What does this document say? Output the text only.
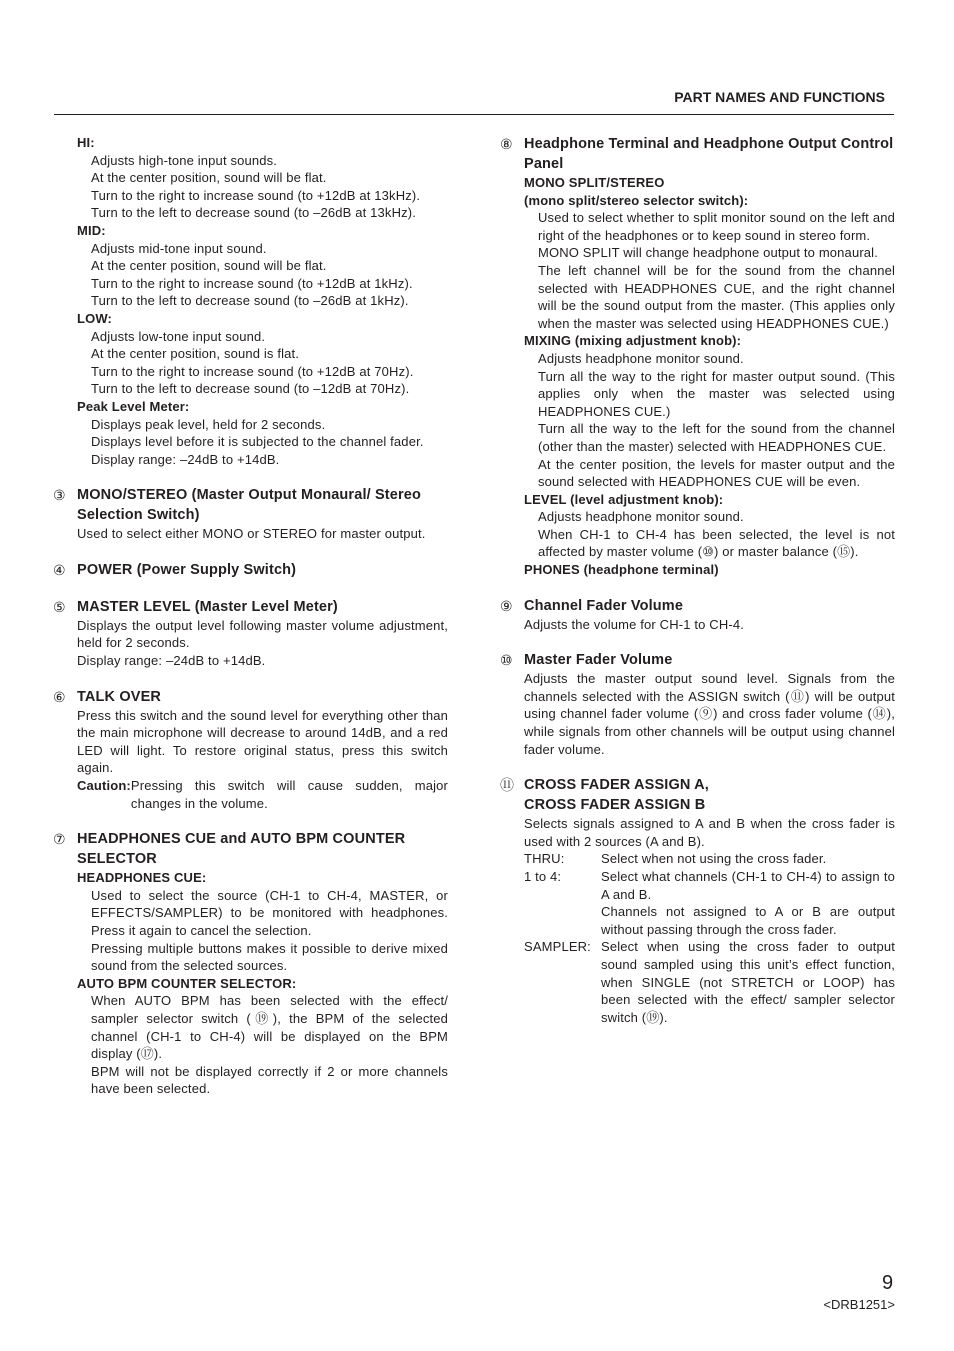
PART NAMES AND FUNCTIONS
HI:

Adjusts high-tone input sounds.

At the center position, sound will be flat.

Turn to the right to increase sound (to +12dB at 13kHz).

Turn to the left to decrease sound (to –26dB at 13kHz).

MID:

Adjusts mid-tone input sound.

At the center position, sound will be flat.

Turn to the right to increase sound (to +12dB at 1kHz).

Turn to the left to decrease sound (to –26dB at 1kHz).

LOW:

Adjusts low-tone input sound.

At the center position, sound is flat.

Turn to the right to increase sound (to +12dB at 70Hz).

Turn to the left to decrease sound (to –12dB at 70Hz).

Peak Level Meter:

Displays peak level, held for 2 seconds.

Displays level before it is subjected to the channel fader.

Display range: –24dB to +14dB.

③ MONO/STEREO (Master Output Monaural/ Stereo Selection Switch)

Used to select either MONO or STEREO for master output.

④ POWER (Power Supply Switch)
⑤ MASTER LEVEL (Master Level Meter)

Displays the output level following master volume adjustment, held for 2 seconds.

Display range: –24dB to +14dB.

⑥ TALK OVER

Press this switch and the sound level for everything other than the main microphone will decrease to around 14dB, and a red LED will light. To restore original status, press this switch again.

Caution: Pressing this switch will cause sudden, major changes in the volume.
⑦ HEADPHONES CUE and AUTO BPM COUNTER SELECTOR
HEADPHONES CUE:

Used to select the source (CH-1 to CH-4, MASTER, or EFFECTS/SAMPLER) to be monitored with headphones. Press it again to cancel the selection.

Pressing multiple buttons makes it possible to derive mixed sound from the selected sources.

AUTO BPM COUNTER SELECTOR:

When AUTO BPM has been selected with the effect/ sampler selector switch (⑲), the BPM of the selected channel (CH-1 to CH-4) will be displayed on the BPM display (⑰).

BPM will not be displayed correctly if 2 or more channels have been selected.

⑧ Headphone Terminal and Headphone Output Control Panel
MONO SPLIT/STEREO
(mono split/stereo selector switch):

Used to select whether to split monitor sound on the left and right of the headphones or to keep sound in stereo form.

MONO SPLIT will change headphone output to monaural.

The left channel will be for the sound from the channel selected with HEADPHONES CUE, and the right channel will be the sound output from the master. (This applies only when the master was selected using HEADPHONES CUE.)

MIXING (mixing adjustment knob):

Adjusts headphone monitor sound.

Turn all the way to the right for master output sound. (This applies only when the master was selected using HEADPHONES CUE.)

Turn all the way to the left for the sound from the channel (other than the master) selected with HEADPHONES CUE.

At the center position, the levels for master output and the sound selected with HEADPHONES CUE will be even.

LEVEL (level adjustment knob):

Adjusts headphone monitor sound.

When CH-1 to CH-4 has been selected, the level is not affected by master volume (⑩) or master balance (⑮).

PHONES (headphone terminal)
⑨ Channel Fader Volume

Adjusts the volume for CH-1 to CH-4.

⑩ Master Fader Volume

Adjusts the master output sound level. Signals from the channels selected with the ASSIGN switch (⑪) will be output using channel fader volume (⑨) and cross fader volume (⑭), while signals from other channels will be output using channel fader volume.

⑪ CROSS FADER ASSIGN A,
CROSS FADER ASSIGN B

Selects signals assigned to A and B when the cross fader is used with 2 sources (A and B).

THRU:	Select when not using the cross fader.
1 to 4:	Select what channels (CH-1 to CH-4) to assign to A and B.
Channels not assigned to A or B are output without passing through the cross fader.
SAMPLER: Select when using the cross fader to output sound sampled using this unit’s effect function, when SINGLE (not STRETCH or LOOP) has been selected with the effect/ sampler selector switch (⑲).
9
<DRB1251>
